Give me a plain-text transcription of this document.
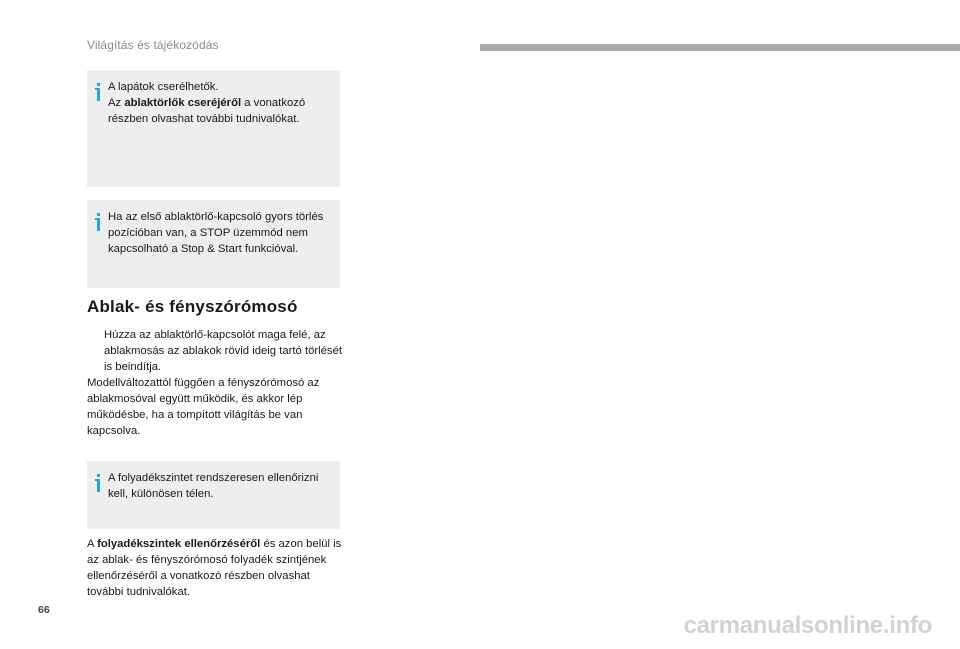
Világítás és tájékozódás
A lapátok cserélhetők.
Az ablaktörlők cseréjéről a vonatkozó részben olvashat további tudnivalókat.
Ha az első ablaktörlő-kapcsoló gyors törlés pozícióban van, a STOP üzemmód nem kapcsolható a Stop & Start funkcióval.
Ablak- és fényszórómosó
Húzza az ablaktörlő-kapcsolót maga felé, az ablakmosás az ablakok rövid ideig tartó törlését is beindítja.
Modellváltozattól függően a fényszórómosó az ablakmosóval együtt működik, és akkor lép működésbe, ha a tompított világítás be van kapcsolva.
A folyadékszintet rendszeresen ellenőrizni kell, különösen télen.
A folyadékszintek ellenőrzéséről és azon belül is az ablak- és fényszórómosó folyadék szintjének ellenőrzéséről a vonatkozó részben olvashat további tudnivalókat.
66
carmanualsonline.info
